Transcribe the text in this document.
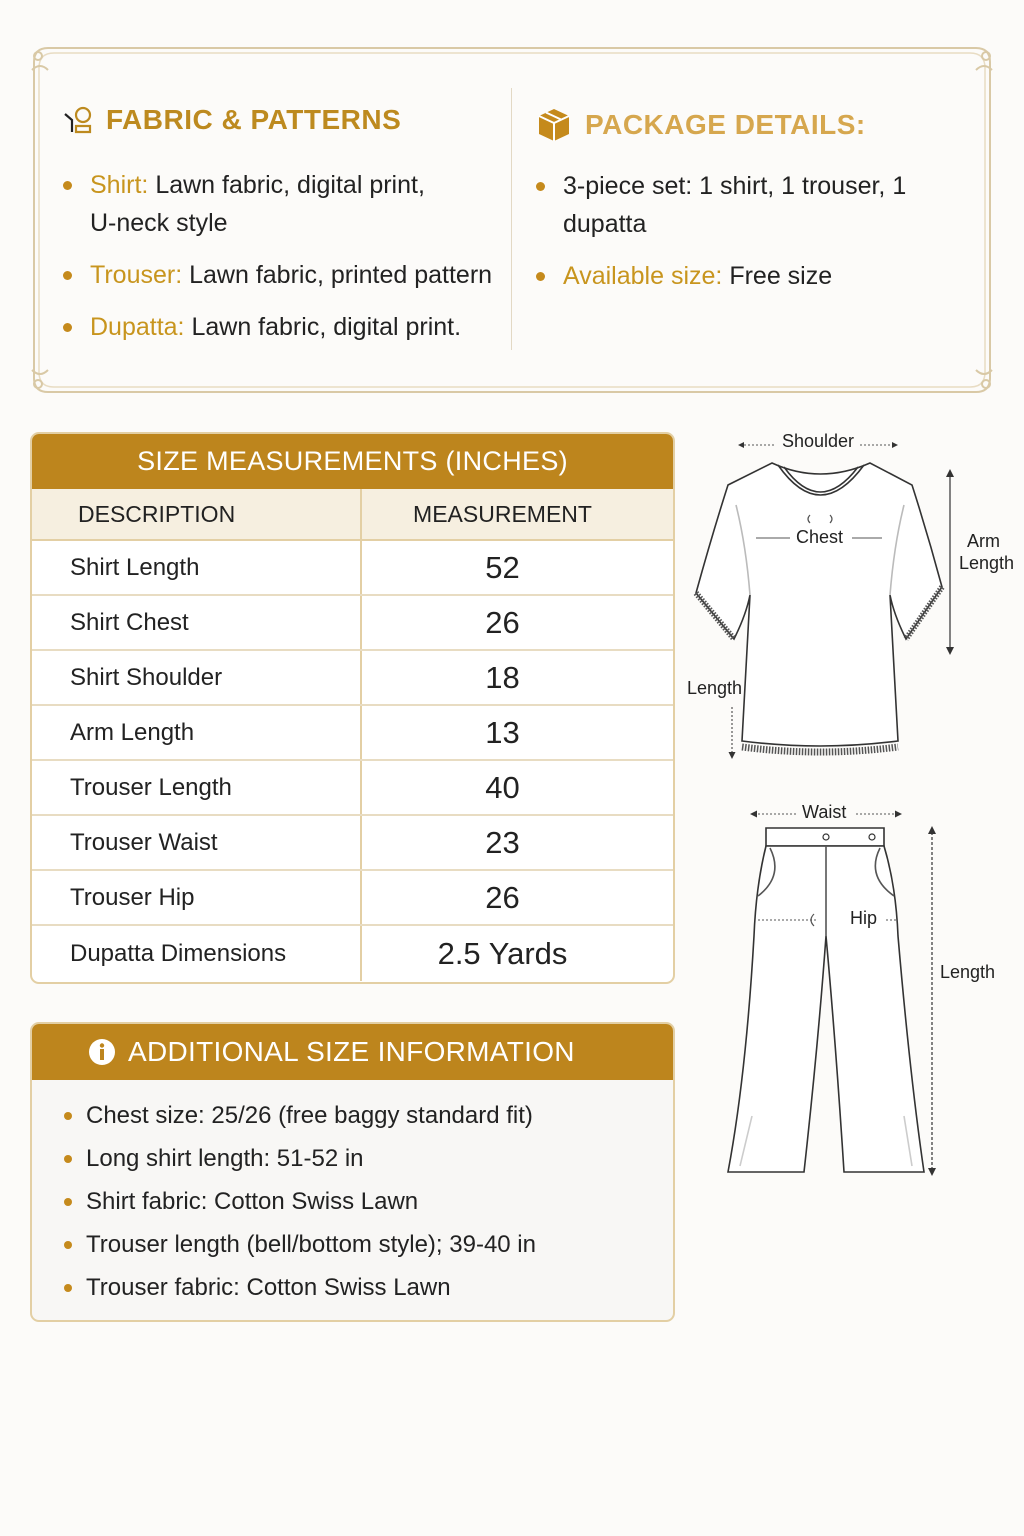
FABRIC & PATTERNS
Shirt: Lawn fabric, digital print,
U-neck style
Trouser: Lawn fabric, printed pattern
Dupatta: Lawn fabric, digital print.
PACKAGE DETAILS:
3-piece set: 1 shirt, 1 trouser, 1 dupatta
Available size: Free size
SIZE MEASUREMENTS (INCHES)
DESCRIPTION	MEASUREMENT
Shirt Length	52
Shirt Chest	26
Shirt Shoulder	18
Arm Length	13
Trouser Length	40
Trouser Waist	23
Trouser Hip	26
Dupatta Dimensions	2.5 Yards
ADDITIONAL SIZE INFORMATION
Chest size: 25/26 (free baggy standard fit)
Long shirt length: 51-52 in
Shirt fabric: Cotton Swiss Lawn
Trouser length (bell/bottom style); 39-40 in
Trouser fabric: Cotton Swiss Lawn
Shoulder
Chest	Arm
Length
Length
Waist
Hip
Length
